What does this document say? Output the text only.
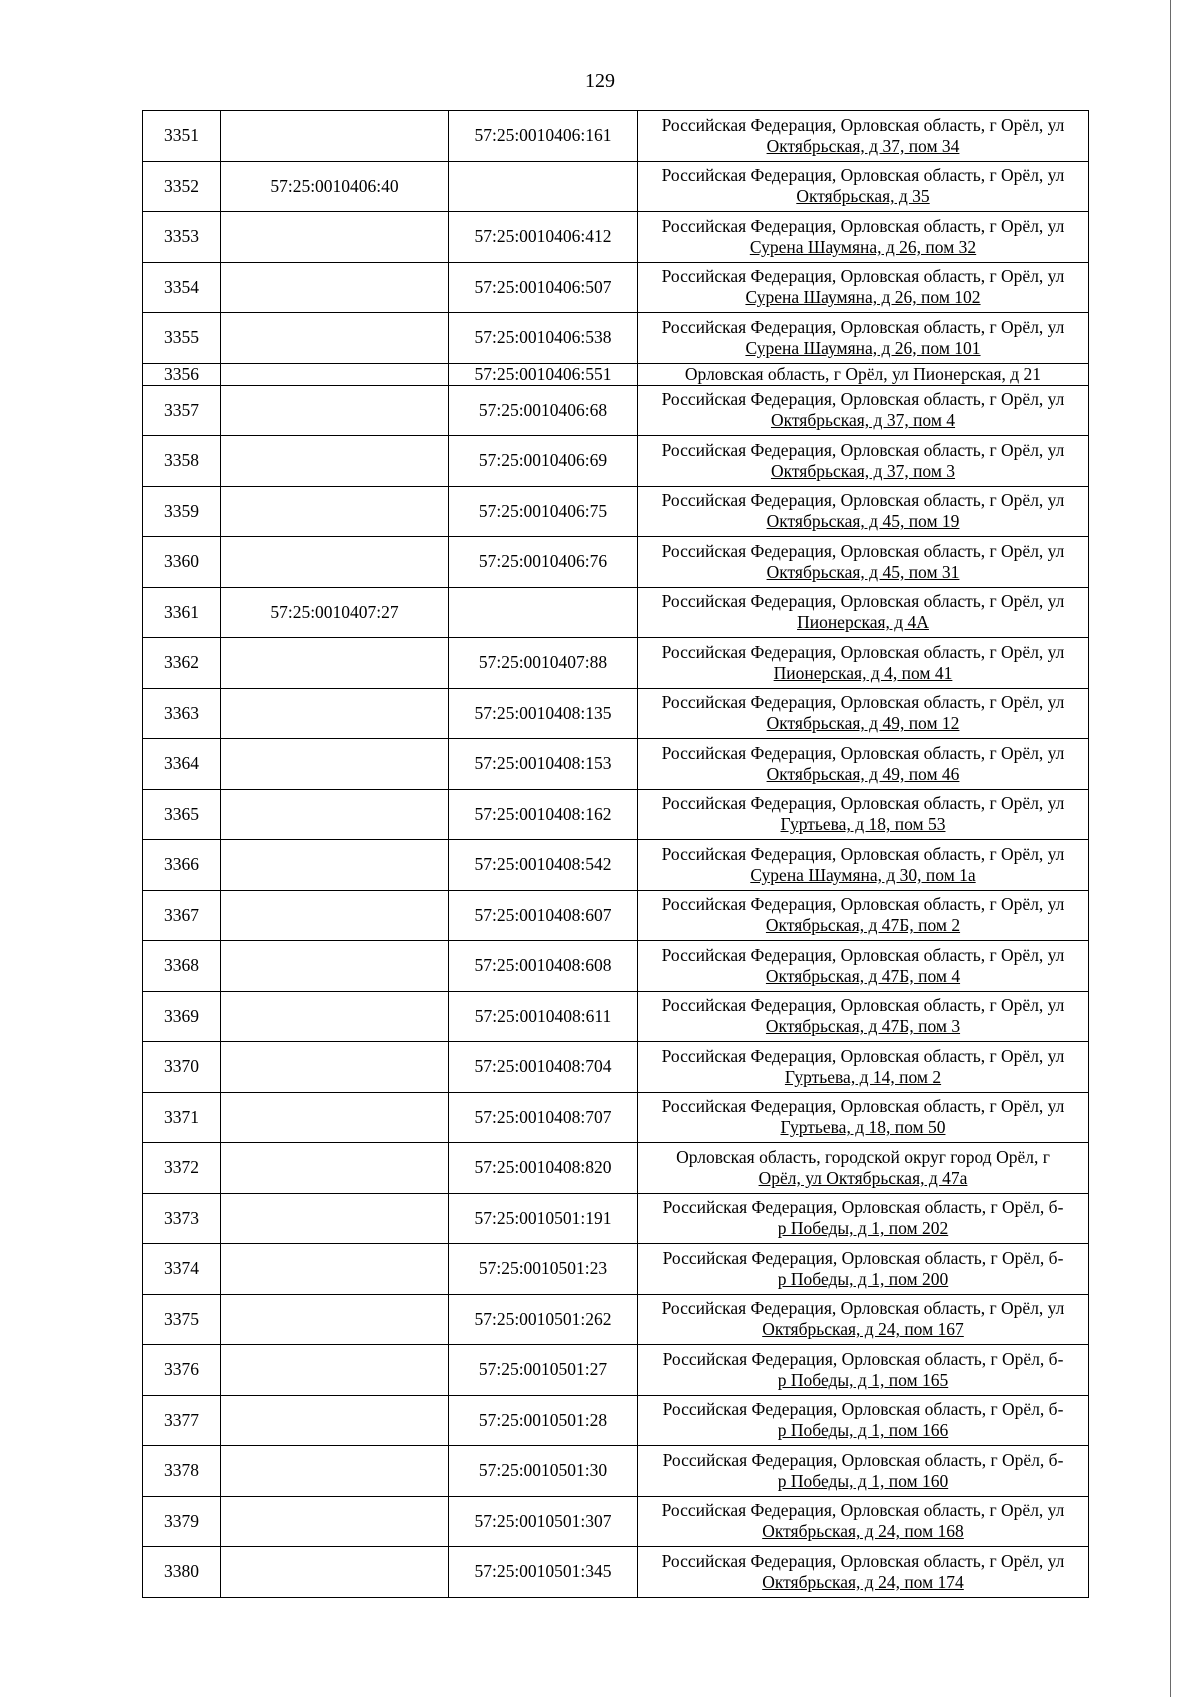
129
3351		57:25:0010406:161	Российская Федерация, Орловская область, г Орёл, ул
Октябрьская, д 37, пом 34

3352	57:25:0010406:40		Российская Федерация, Орловская область, г Орёл, ул
Октябрьская, д 35

3353		57:25:0010406:412	Российская Федерация, Орловская область, г Орёл, ул
Сурена Шаумяна, д 26, пом 32

3354		57:25:0010406:507	Российская Федерация, Орловская область, г Орёл, ул
Сурена Шаумяна, д 26, пом 102

3355		57:25:0010406:538	Российская Федерация, Орловская область, г Орёл, ул
Сурена Шаумяна, д 26, пом 101

3356		57:25:0010406:551	Орловская область, г Орёл, ул Пионерская, д 21

3357		57:25:0010406:68	Российская Федерация, Орловская область, г Орёл, ул
Октябрьская, д 37, пом 4

3358		57:25:0010406:69	Российская Федерация, Орловская область, г Орёл, ул
Октябрьская, д 37, пом 3

3359		57:25:0010406:75	Российская Федерация, Орловская область, г Орёл, ул
Октябрьская, д 45, пом 19

3360		57:25:0010406:76	Российская Федерация, Орловская область, г Орёл, ул
Октябрьская, д 45, пом 31

3361	57:25:0010407:27		Российская Федерация, Орловская область, г Орёл, ул
Пионерская, д 4А

3362		57:25:0010407:88	Российская Федерация, Орловская область, г Орёл, ул
Пионерская, д 4, пом 41

3363		57:25:0010408:135	Российская Федерация, Орловская область, г Орёл, ул
Октябрьская, д 49, пом 12

3364		57:25:0010408:153	Российская Федерация, Орловская область, г Орёл, ул
Октябрьская, д 49, пом 46

3365		57:25:0010408:162	Российская Федерация, Орловская область, г Орёл, ул
Гуртьева, д 18, пом 53

3366		57:25:0010408:542	Российская Федерация, Орловская область, г Орёл, ул
Сурена Шаумяна, д 30, пом 1а

3367		57:25:0010408:607	Российская Федерация, Орловская область, г Орёл, ул
Октябрьская, д 47Б, пом 2

3368		57:25:0010408:608	Российская Федерация, Орловская область, г Орёл, ул
Октябрьская, д 47Б, пом 4

3369		57:25:0010408:611	Российская Федерация, Орловская область, г Орёл, ул
Октябрьская, д 47Б, пом 3

3370		57:25:0010408:704	Российская Федерация, Орловская область, г Орёл, ул
Гуртьева, д 14, пом 2

3371		57:25:0010408:707	Российская Федерация, Орловская область, г Орёл, ул
Гуртьева, д 18, пом 50

3372		57:25:0010408:820	Орловская область, городской округ город Орёл, г
Орёл, ул Октябрьская, д 47а

3373		57:25:0010501:191	Российская Федерация, Орловская область, г Орёл, б-
р Победы, д 1, пом 202

3374		57:25:0010501:23	Российская Федерация, Орловская область, г Орёл, б-
р Победы, д 1, пом 200

3375		57:25:0010501:262	Российская Федерация, Орловская область, г Орёл, ул
Октябрьская, д 24, пом 167

3376		57:25:0010501:27	Российская Федерация, Орловская область, г Орёл, б-
р Победы, д 1, пом 165

3377		57:25:0010501:28	Российская Федерация, Орловская область, г Орёл, б-
р Победы, д 1, пом 166

3378		57:25:0010501:30	Российская Федерация, Орловская область, г Орёл, б-
р Победы, д 1, пом 160

3379		57:25:0010501:307	Российская Федерация, Орловская область, г Орёл, ул
Октябрьская, д 24, пом 168

3380		57:25:0010501:345	Российская Федерация, Орловская область, г Орёл, ул
Октябрьская, д 24, пом 174
